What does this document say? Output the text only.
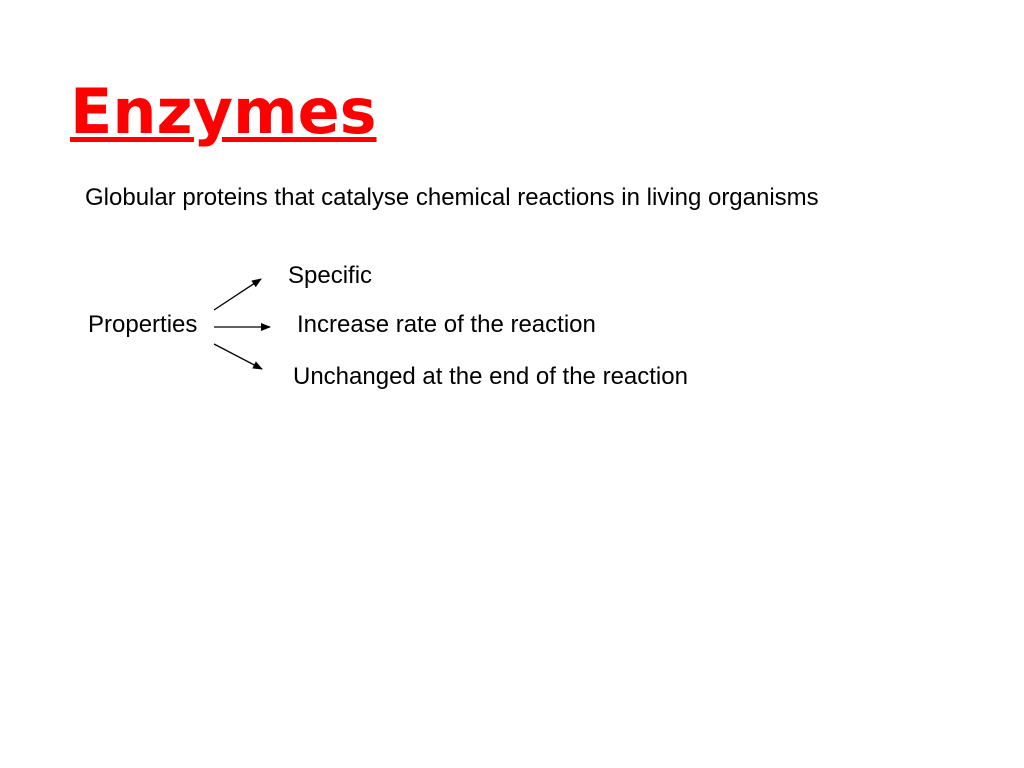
Enzymes
Globular proteins that catalyse chemical reactions in living organisms
Properties
Specific
Increase rate of the reaction
Unchanged at the end of the reaction
